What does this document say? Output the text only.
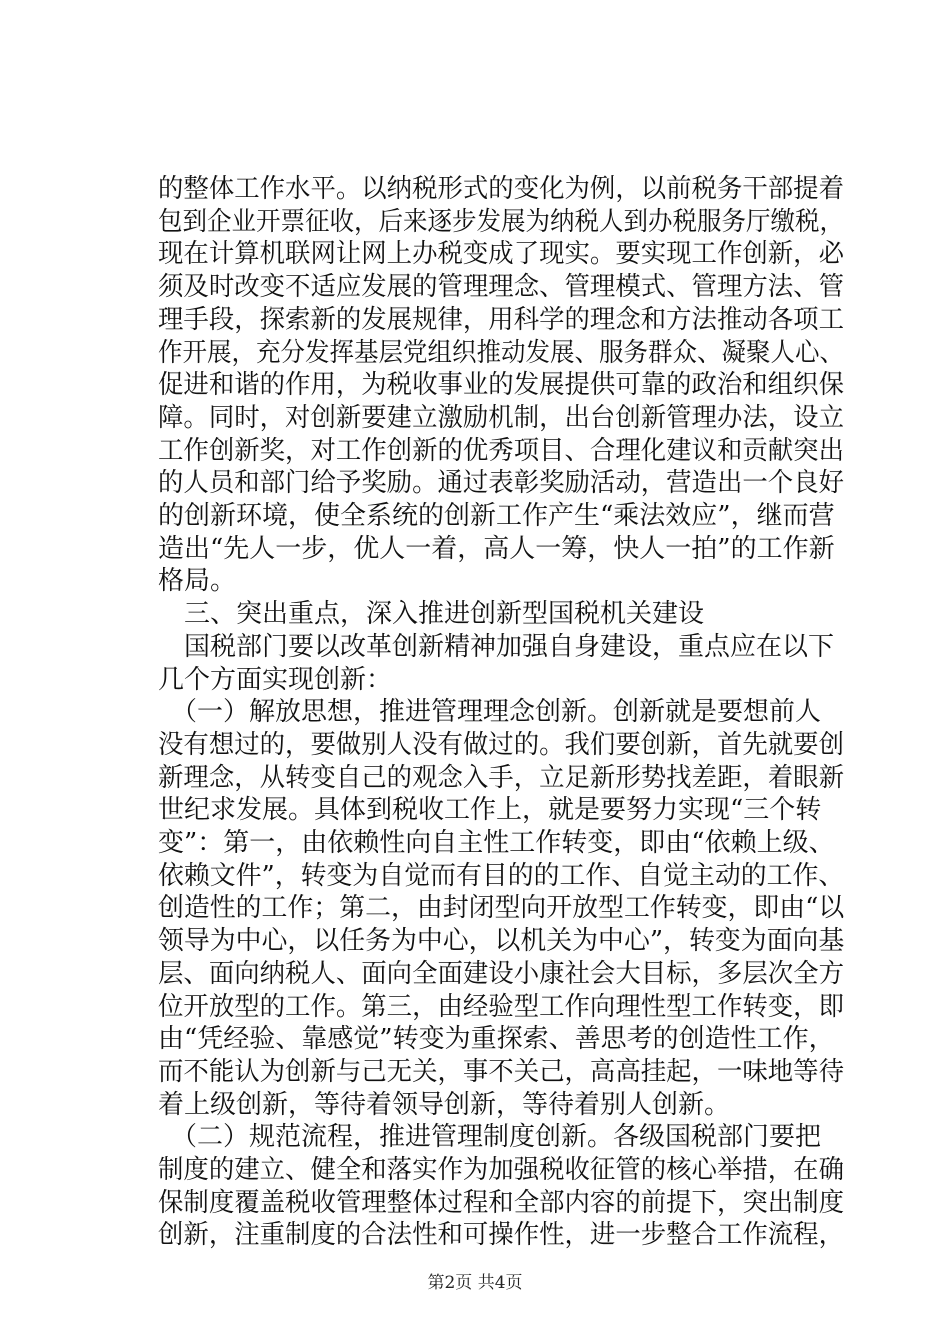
的整体工作水平。以纳税形式的变化为例，以前税务干部提着
包到企业开票征收，后来逐步发展为纳税人到办税服务厅缴税，
现在计算机联网让网上办税变成了现实。要实现工作创新，必
须及时改变不适应发展的管理理念、管理模式、管理方法、管
理手段，探索新的发展规律，用科学的理念和方法推动各项工
作开展，充分发挥基层党组织推动发展、服务群众、凝聚人心、
促进和谐的作用，为税收事业的发展提供可靠的政治和组织保
障。同时，对创新要建立激励机制，出台创新管理办法，设立
工作创新奖，对工作创新的优秀项目、合理化建议和贡献突出
的人员和部门给予奖励。通过表彰奖励活动，营造出一个良好
的创新环境，使全系统的创新工作产生“乘法效应”，继而营
造出“先人一步，优人一着，高人一筹，快人一拍”的工作新
格局。
　三、突出重点，深入推进创新型国税机关建设
　国税部门要以改革创新精神加强自身建设，重点应在以下
几个方面实现创新：
　（一）解放思想，推进管理理念创新。创新就是要想前人
没有想过的，要做别人没有做过的。我们要创新，首先就要创
新理念，从转变自己的观念入手，立足新形势找差距，着眼新
世纪求发展。具体到税收工作上，就是要努力实现“三个转
变”：第一，由依赖性向自主性工作转变，即由“依赖上级、
依赖文件”，转变为自觉而有目的的工作、自觉主动的工作、
创造性的工作；第二，由封闭型向开放型工作转变，即由“以
领导为中心，以任务为中心，以机关为中心”，转变为面向基
层、面向纳税人、面向全面建设小康社会大目标，多层次全方
位开放型的工作。第三，由经验型工作向理性型工作转变，即
由“凭经验、靠感觉”转变为重探索、善思考的创造性工作，
而不能认为创新与己无关，事不关己，高高挂起，一味地等待
着上级创新，等待着领导创新，等待着别人创新。
　（二）规范流程，推进管理制度创新。各级国税部门要把
制度的建立、健全和落实作为加强税收征管的核心举措，在确
保制度覆盖税收管理整体过程和全部内容的前提下，突出制度
创新，注重制度的合法性和可操作性，进一步整合工作流程，
第2页 共4页
